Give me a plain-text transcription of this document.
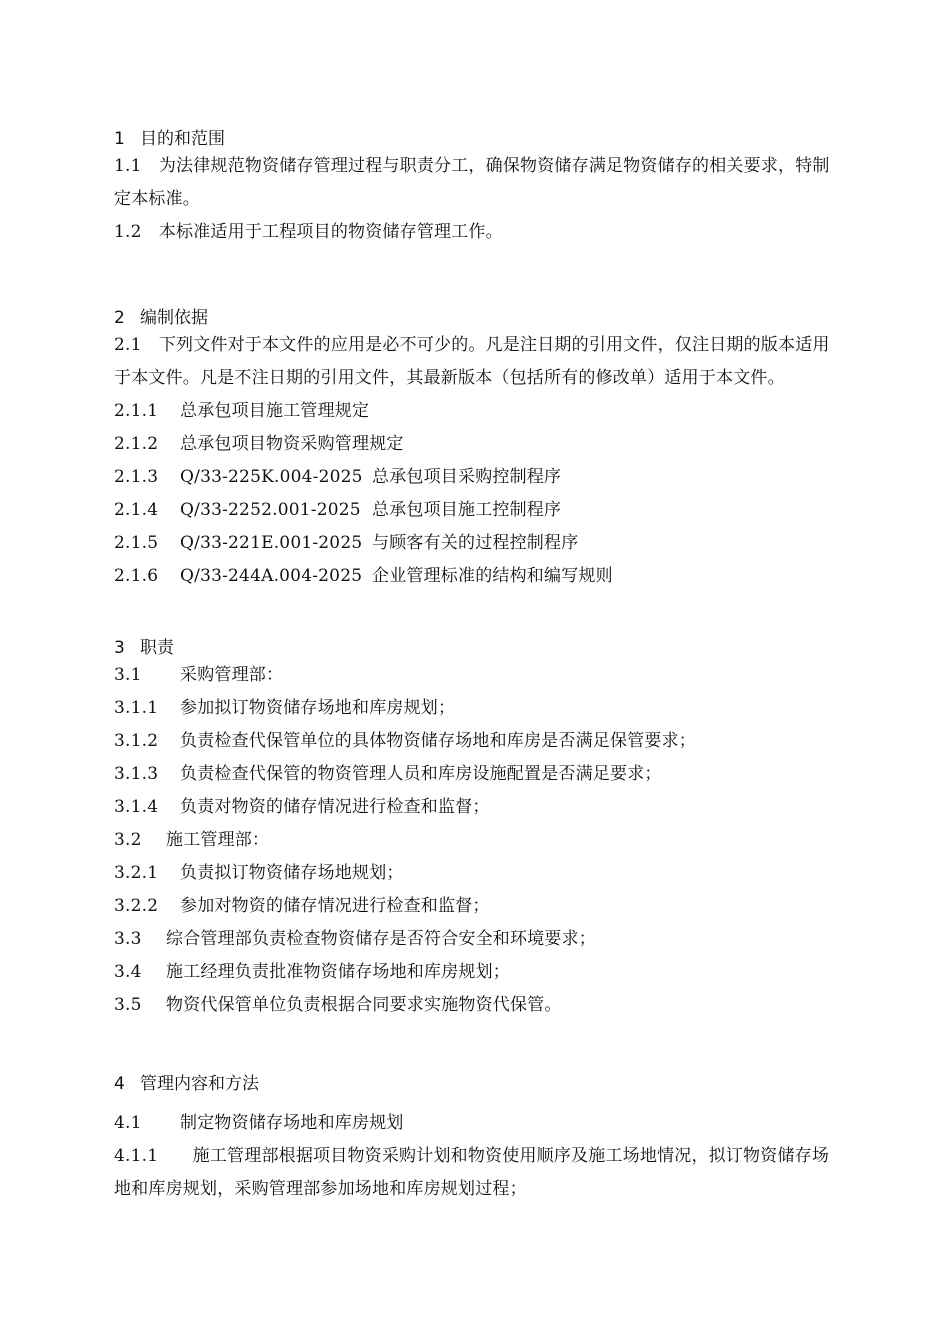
1 目的和范围

1.1　为法律规范物资储存管理过程与职责分工，确保物资储存满足物资储存的相关要求，特制定本标准。

1.2　本标准适用于工程项目的物资储存管理工作。

2 编制依据

2.1　下列文件对于本文件的应用是必不可少的。凡是注日期的引用文件，仅注日期的版本适用于本文件。凡是不注日期的引用文件，其最新版本（包括所有的修改单）适用于本文件。

2.1.1 总承包项目施工管理规定
2.1.2 总承包项目物资采购管理规定
2.1.3 Q/33-225K.004-2025 总承包项目采购控制程序
2.1.4 Q/33-2252.001-2025 总承包项目施工控制程序
2.1.5 Q/33-221E.001-2025 与顾客有关的过程控制程序
2.1.6 Q/33-244A.004-2025 企业管理标准的结构和编写规则
3 职责
3.1 采购管理部：
3.1.1 参加拟订物资储存场地和库房规划；
3.1.2 负责检查代保管单位的具体物资储存场地和库房是否满足保管要求；
3.1.3 负责检查代保管的物资管理人员和库房设施配置是否满足要求；
3.1.4 负责对物资的储存情况进行检查和监督；
3.2 施工管理部：
3.2.1 负责拟订物资储存场地规划；
3.2.2 参加对物资的储存情况进行检查和监督；
3.3 综合管理部负责检查物资储存是否符合安全和环境要求；
3.4 施工经理负责批准物资储存场地和库房规划；
3.5 物资代保管单位负责根据合同要求实施物资代保管。
4 管理内容和方法
4.1 制定物资储存场地和库房规划

4.1.1　　施工管理部根据项目物资采购计划和物资使用顺序及施工场地情况，拟订物资储存场地和库房规划，采购管理部参加场地和库房规划过程；
